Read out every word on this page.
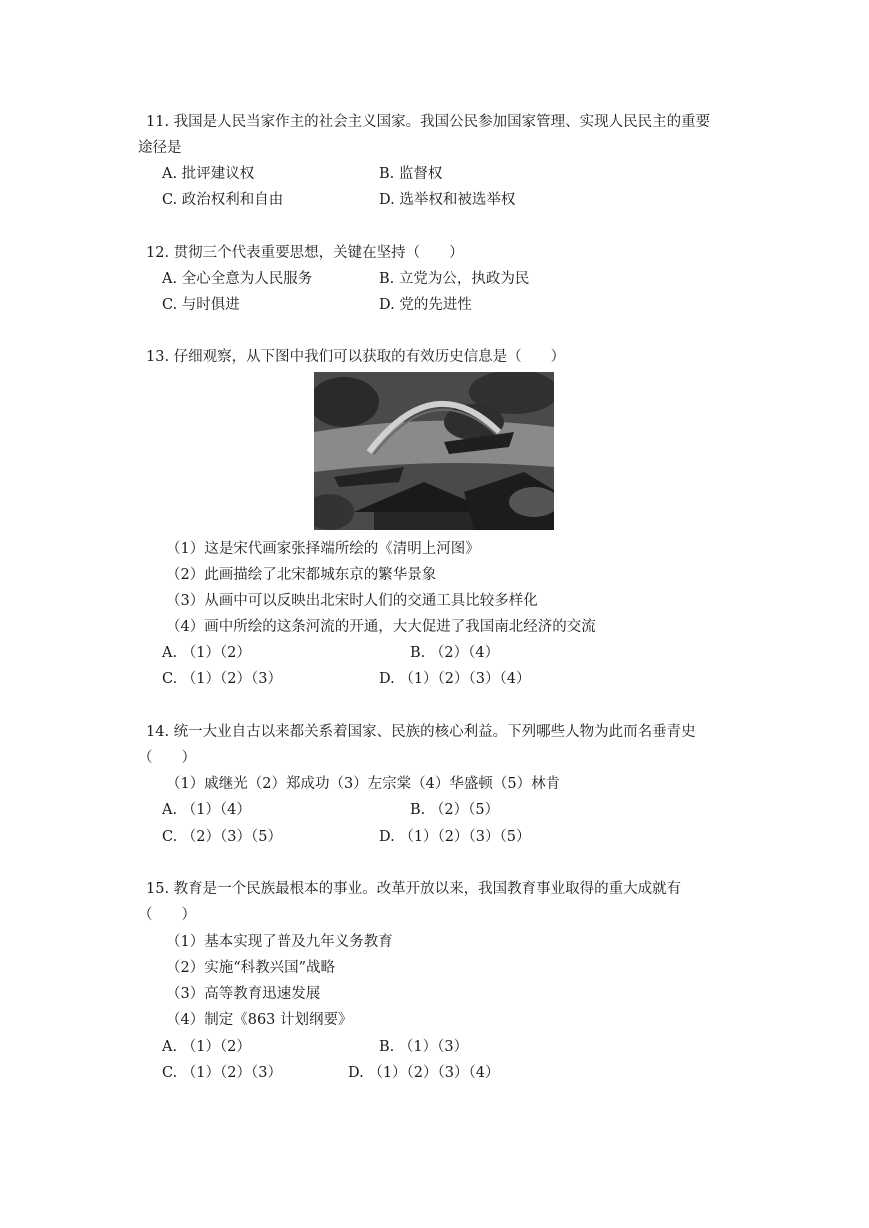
11. 我国是人民当家作主的社会主义国家。我国公民参加国家管理、实现人民民主的重要
途径是
A. 批评建议权	B. 监督权
C. 政治权利和自由	D. 选举权和被选举权
12. 贯彻三个代表重要思想，关键在坚持（　　）
A. 全心全意为人民服务	B. 立党为公，执政为民
C. 与时俱进	D. 党的先进性
13. 仔细观察，从下图中我们可以获取的有效历史信息是（　　）
（1）这是宋代画家张择端所绘的《清明上河图》
（2）此画描绘了北宋都城东京的繁华景象
（3）从画中可以反映出北宋时人们的交通工具比较多样化
（4）画中所绘的这条河流的开通，大大促进了我国南北经济的交流
A. （1）（2）	B. （2）（4）
C. （1）（2）（3）	D. （1）（2）（3）（4）
14. 统一大业自古以来都关系着国家、民族的核心利益。下列哪些人物为此而名垂青史
（　　）
（1）戚继光（2）郑成功（3）左宗棠（4）华盛顿（5）林肯
A. （1）（4）	B. （2）（5）
C. （2）（3）（5）	D. （1）（2）（3）（5）
15. 教育是一个民族最根本的事业。改革开放以来，我国教育事业取得的重大成就有
（　　）
（1）基本实现了普及九年义务教育
（2）实施“科教兴国”战略
（3）高等教育迅速发展
（4）制定《863 计划纲要》
A. （1）（2）	B. （1）（3）
C. （1）（2）（3）	D. （1）（2）（3）（4）
